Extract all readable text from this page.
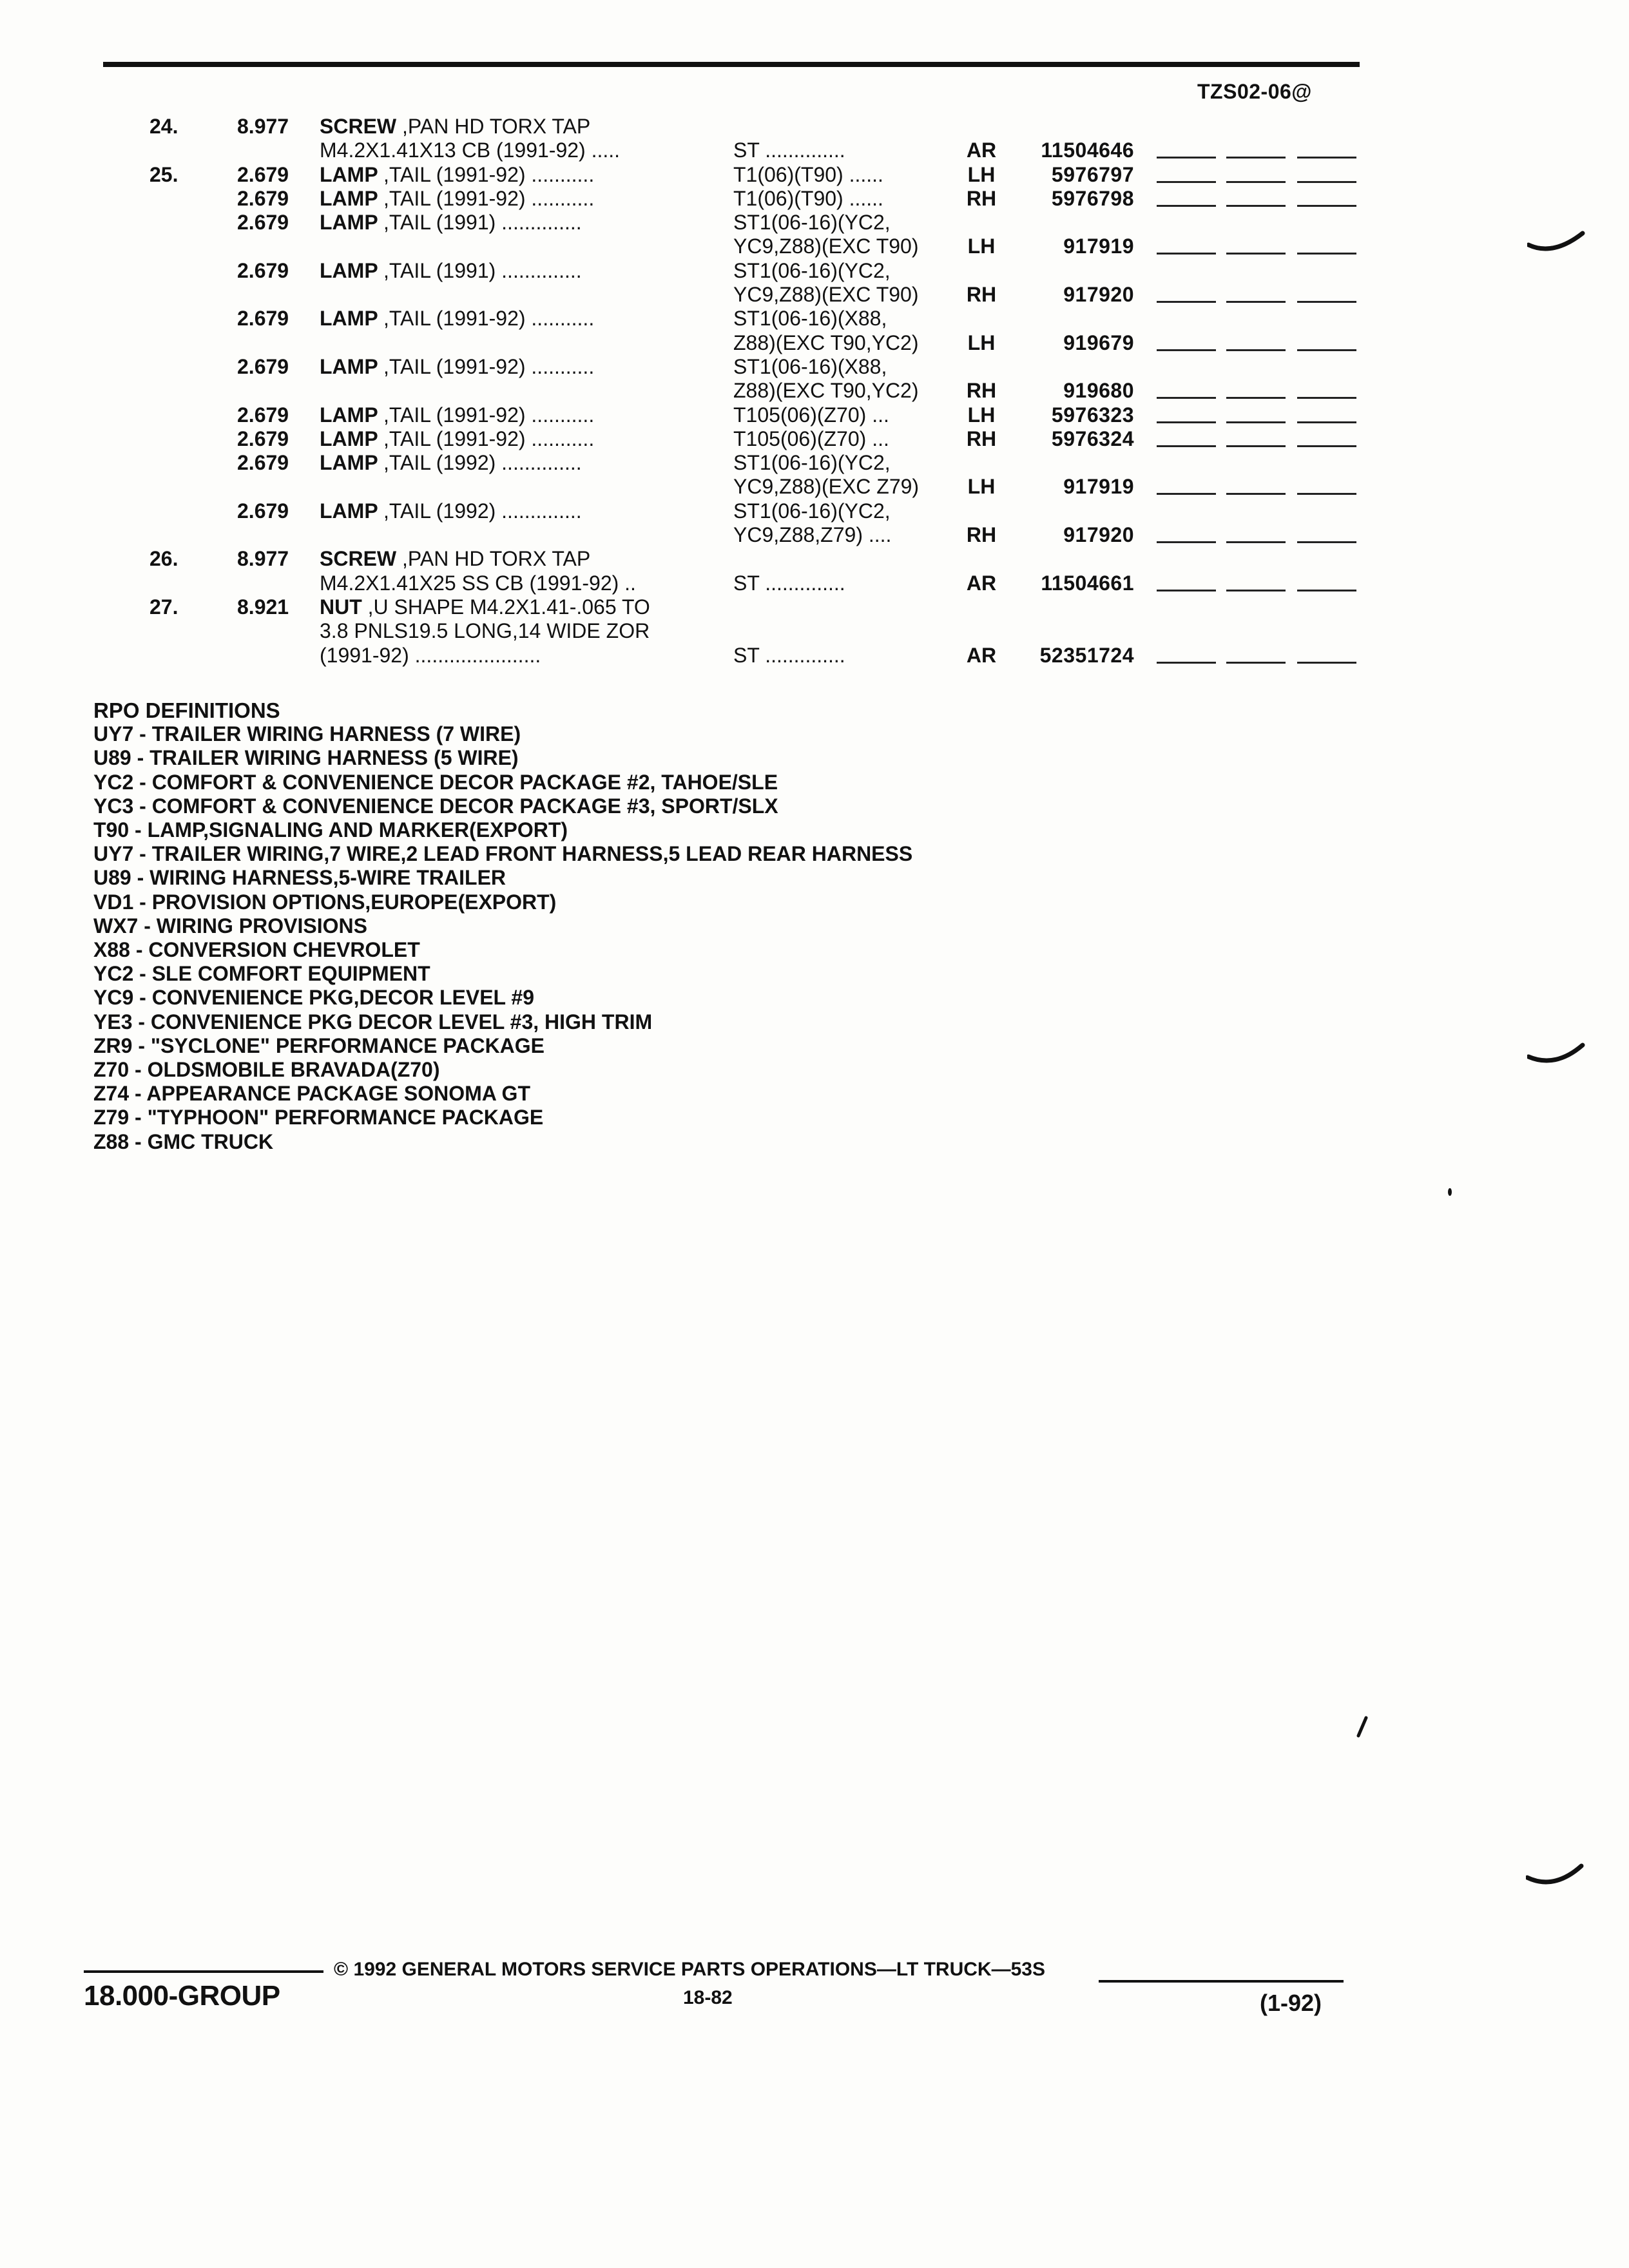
TZS02-06@
24.	8.977 SCREW ,PAN HD TORX TAP
M4.2X1.41X13 CB (1991-92) .....	ST ..............	AR	11504646
25.	2.679 LAMP ,TAIL (1991-92) ...........	T1(06)(T90) ......	LH	5976797
2.679 LAMP ,TAIL (1991-92) ...........	T1(06)(T90) ......	RH	5976798
2.679 LAMP ,TAIL (1991) ..............	ST1(06-16)(YC2,
YC9,Z88)(EXC T90) LH	917919
2.679 LAMP ,TAIL (1991) ..............	ST1(06-16)(YC2,
YC9,Z88)(EXC T90) RH	917920
2.679 LAMP ,TAIL (1991-92) ...........	ST1(06-16)(X88,
Z88)(EXC T90,YC2) LH	919679
2.679 LAMP ,TAIL (1991-92) ...........	ST1(06-16)(X88,
Z88)(EXC T90,YC2) RH	919680
2.679 LAMP ,TAIL (1991-92) ...........	T105(06)(Z70) ...	LH	5976323
2.679 LAMP ,TAIL (1991-92) ...........	T105(06)(Z70) ...	RH	5976324
2.679 LAMP ,TAIL (1992) ..............	ST1(06-16)(YC2,
YC9,Z88)(EXC Z79) LH	917919
2.679 LAMP ,TAIL (1992) ..............	ST1(06-16)(YC2,
YC9,Z88,Z79) ....	RH	917920
26.	8.977 SCREW ,PAN HD TORX TAP
M4.2X1.41X25 SS CB (1991-92) ..	ST ..............	AR	11504661
27.	8.921 NUT ,U SHAPE M4.2X1.41-.065 TO
3.8 PNLS19.5 LONG,14 WIDE ZOR
(1991-92) ......................	ST ..............	AR	52351724
RPO DEFINITIONS
UY7 - TRAILER WIRING HARNESS (7 WIRE)
U89 - TRAILER WIRING HARNESS (5 WIRE)
YC2 - COMFORT & CONVENIENCE DECOR PACKAGE #2, TAHOE/SLE
YC3 - COMFORT & CONVENIENCE DECOR PACKAGE #3, SPORT/SLX
T90 - LAMP,SIGNALING AND MARKER(EXPORT)
UY7 - TRAILER WIRING,7 WIRE,2 LEAD FRONT HARNESS,5 LEAD REAR HARNESS
U89 - WIRING HARNESS,5-WIRE TRAILER
VD1 - PROVISION OPTIONS,EUROPE(EXPORT)
WX7 - WIRING PROVISIONS
X88 - CONVERSION CHEVROLET
YC2 - SLE COMFORT EQUIPMENT
YC9 - CONVENIENCE PKG,DECOR LEVEL #9
YE3 - CONVENIENCE PKG DECOR LEVEL #3, HIGH TRIM
ZR9 - "SYCLONE" PERFORMANCE PACKAGE
Z70 - OLDSMOBILE BRAVADA(Z70)
Z74 - APPEARANCE PACKAGE SONOMA GT
Z79 - "TYPHOON" PERFORMANCE PACKAGE
Z88 - GMC TRUCK
18.000-GROUP
© 1992 GENERAL MOTORS SERVICE PARTS OPERATIONS—LT TRUCK—53S
18-82	(1-92)
